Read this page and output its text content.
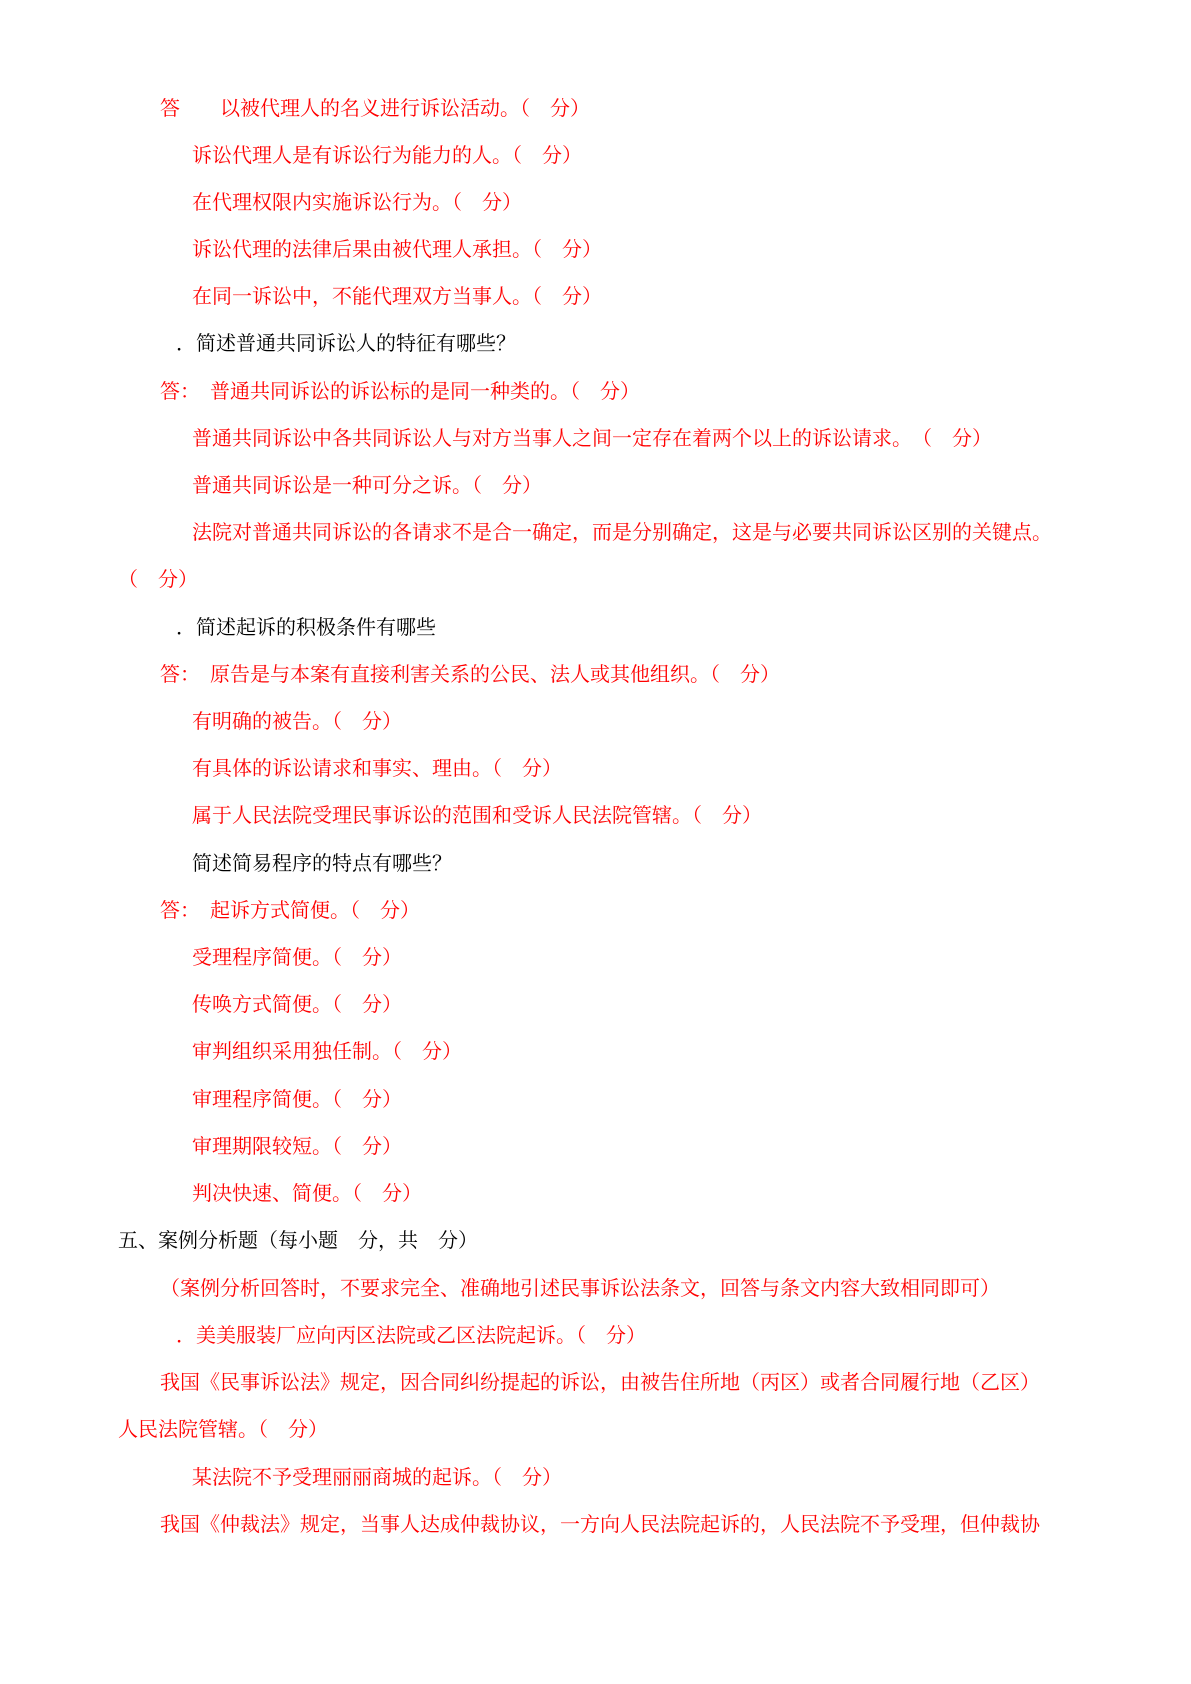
答　　以被代理人的名义进行诉讼活动。（　分）
诉讼代理人是有诉讼行为能力的人。（　分）
在代理权限内实施诉讼行为。（　分）
诉讼代理的法律后果由被代理人承担。（　分）
在同一诉讼中，不能代理双方当事人。（　分）
．简述普通共同诉讼人的特征有哪些？
答：　普通共同诉讼的诉讼标的是同一种类的。（　分）
普通共同诉讼中各共同诉讼人与对方当事人之间一定存在着两个以上的诉讼请求。　（　分）
普通共同诉讼是一种可分之诉。（　分）
法院对普通共同诉讼的各请求不是合一确定，而是分别确定，这是与必要共同诉讼区别的关键点。
（　分）
．简述起诉的积极条件有哪些
答：　原告是与本案有直接利害关系的公民、法人或其他组织。（　分）
有明确的被告。（　分）
有具体的诉讼请求和事实、理由。（　分）
属于人民法院受理民事诉讼的范围和受诉人民法院管辖。（　分）
简述简易程序的特点有哪些？
答：　起诉方式简便。（　分）
受理程序简便。（　分）
传唤方式简便。（　分）
审判组织采用独任制。（　分）
审理程序简便。（　分）
审理期限较短。（　分）
判决快速、简便。（　分）
五、案例分析题（每小题　分，共　分）
（案例分析回答时，不要求完全、准确地引述民事诉讼法条文，回答与条文内容大致相同即可）
．美美服装厂应向丙区法院或乙区法院起诉。（　分）
我国《民事诉讼法》规定，因合同纠纷提起的诉讼，由被告住所地（丙区）或者合同履行地（乙区）
人民法院管辖。（　分）
某法院不予受理丽丽商城的起诉。（　分）
我国《仲裁法》规定，当事人达成仲裁协议，一方向人民法院起诉的，人民法院不予受理，但仲裁协
